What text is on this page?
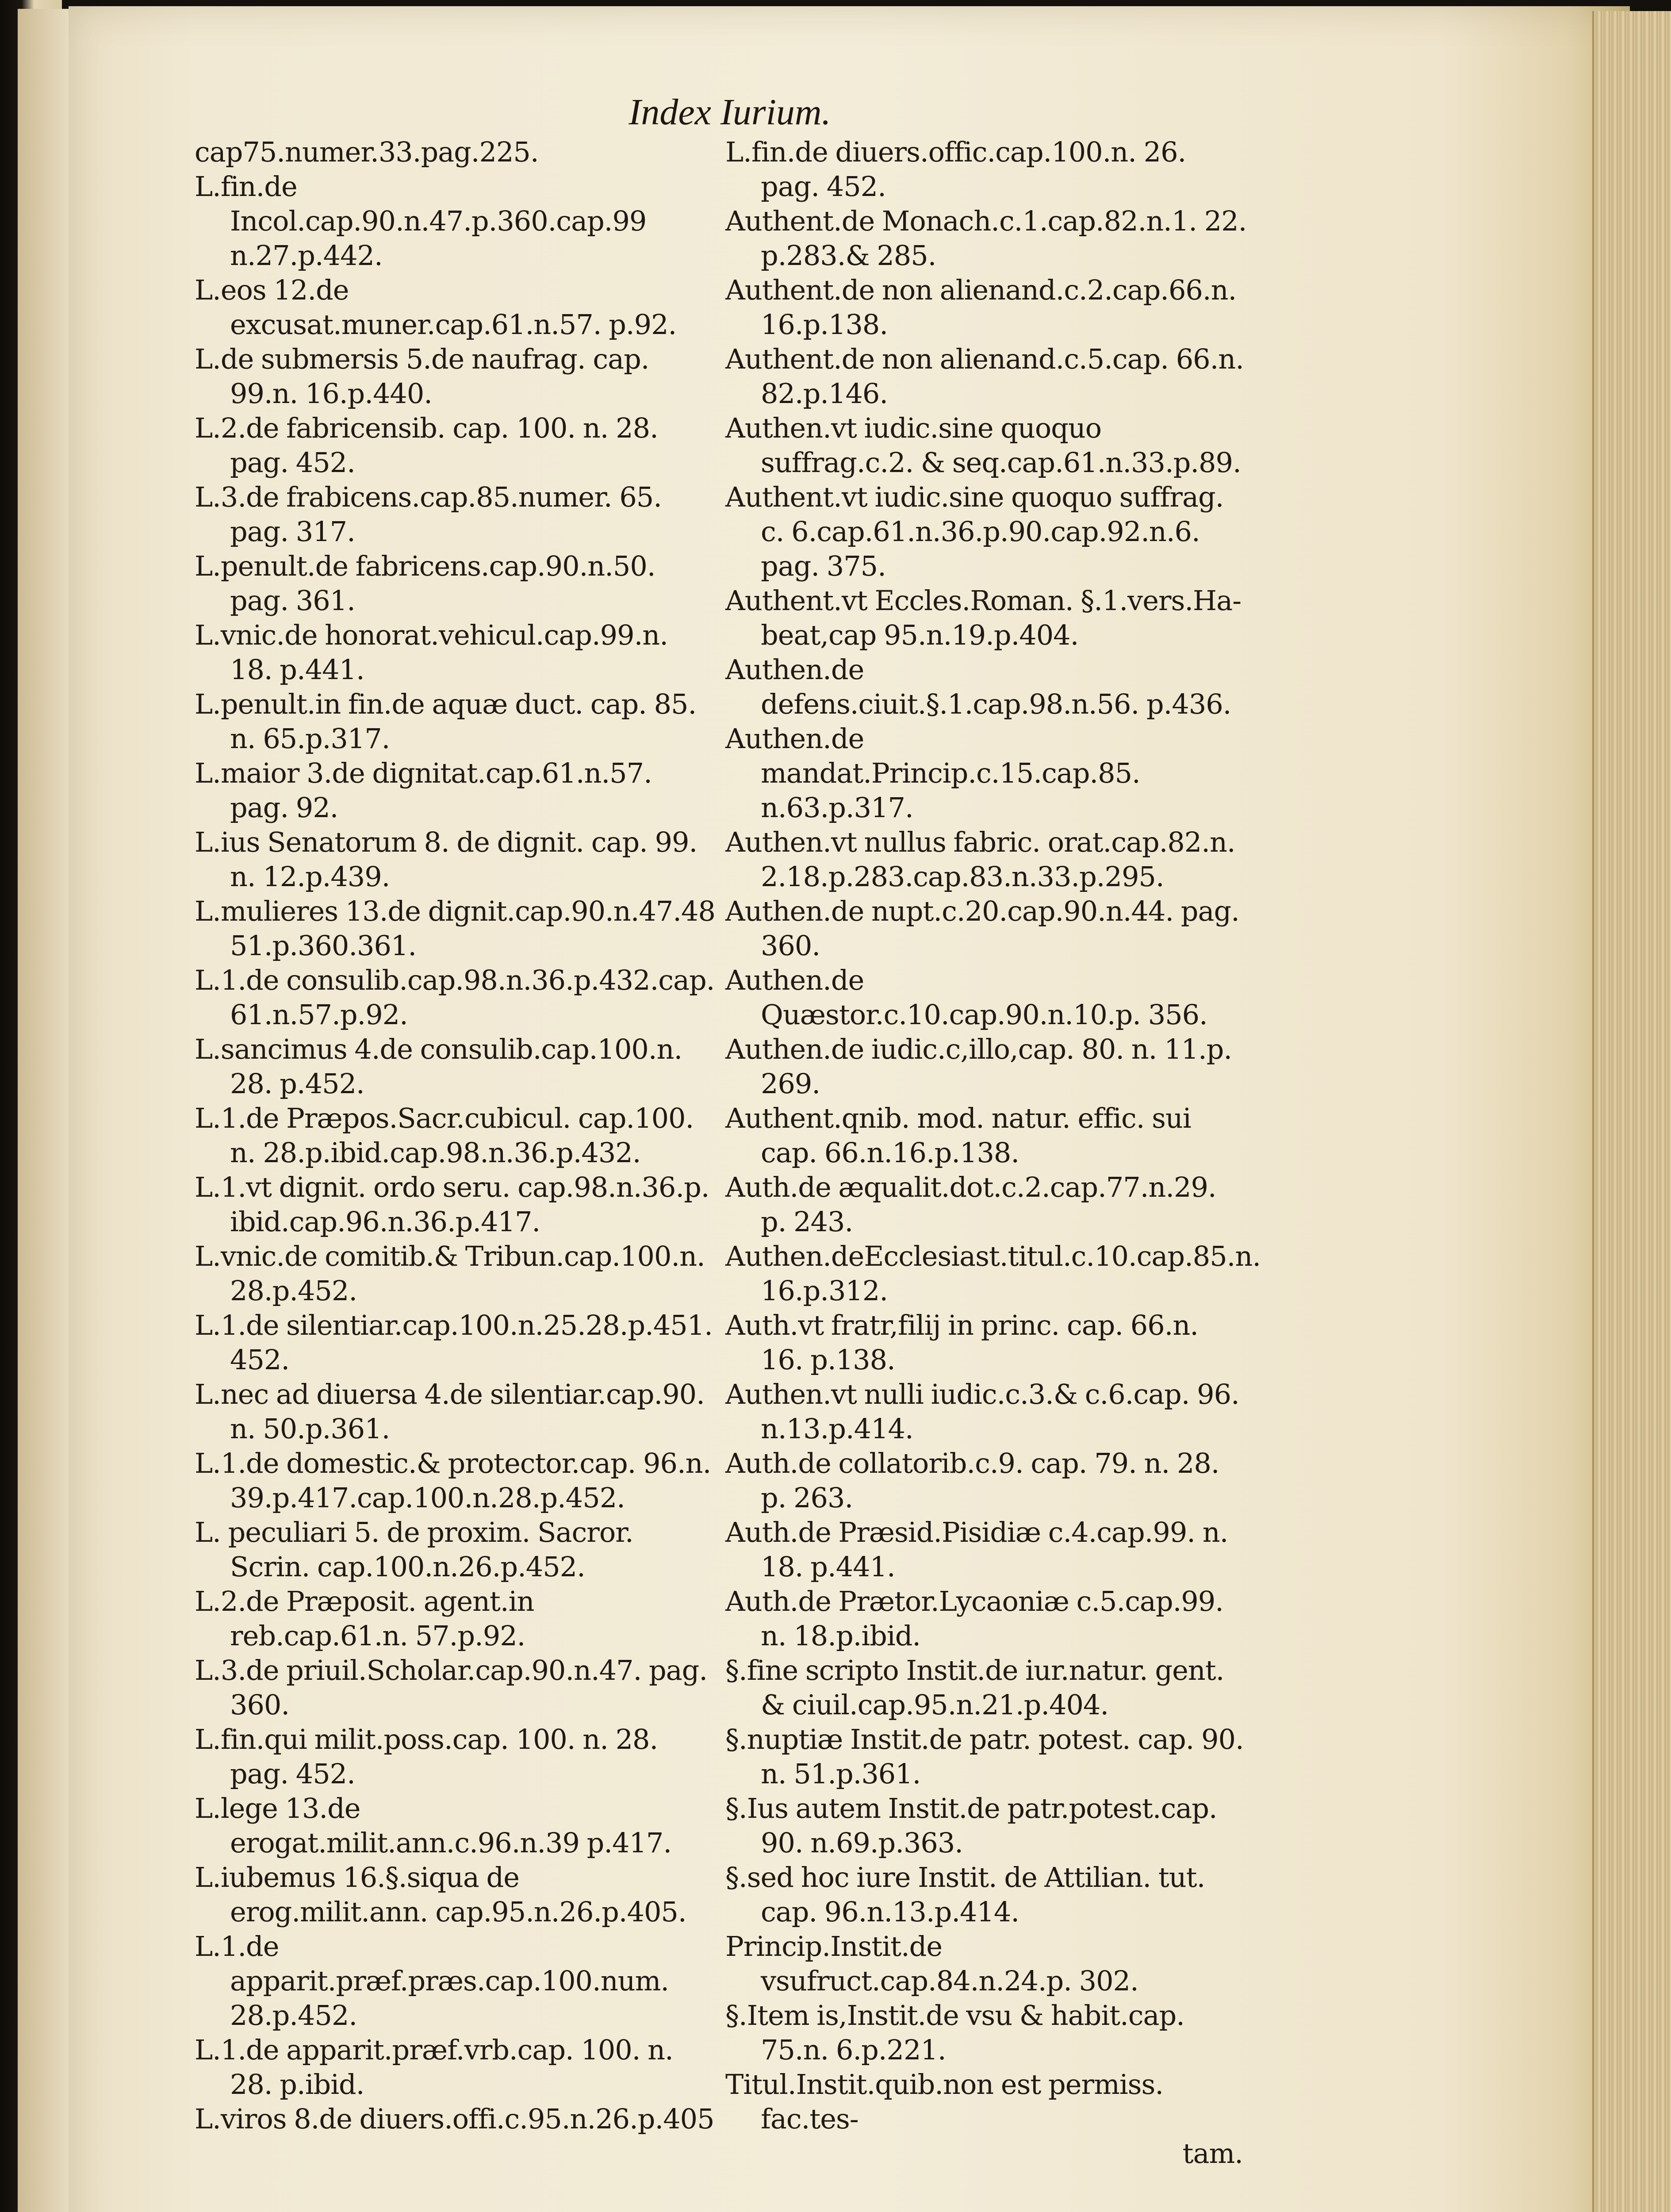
Index Iurium.
cap75.numer.33.pag.225.
L.fin.de Incol.cap.90.n.47.p.360.cap.99 n.27.p.442.
L.eos 12.de excusat.muner.cap.61.n.57. p.92.
L.de submersis 5.de naufrag. cap. 99.n. 16.p.440.
L.2.de fabricensib. cap. 100. n. 28. pag. 452.
L.3.de frabicens.cap.85.numer. 65. pag. 317.
L.penult.de fabricens.cap.90.n.50. pag. 361.
L.vnic.de honorat.vehicul.cap.99.n. 18. p.441.
L.penult.in fin.de aquæ duct. cap. 85. n. 65.p.317.
L.maior 3.de dignitat.cap.61.n.57. pag. 92.
L.ius Senatorum 8. de dignit. cap. 99. n. 12.p.439.
L.mulieres 13.de dignit.cap.90.n.47.48 51.p.360.361.
L.1.de consulib.cap.98.n.36.p.432.cap. 61.n.57.p.92.
L.sancimus 4.de consulib.cap.100.n. 28. p.452.
L.1.de Præpos.Sacr.cubicul. cap.100. n. 28.p.ibid.cap.98.n.36.p.432.
L.1.vt dignit. ordo seru. cap.98.n.36.p. ibid.cap.96.n.36.p.417.
L.vnic.de comitib.& Tribun.cap.100.n. 28.p.452.
L.1.de silentiar.cap.100.n.25.28.p.451. 452.
L.nec ad diuersa 4.de silentiar.cap.90. n. 50.p.361.
L.1.de domestic.& protector.cap. 96.n. 39.p.417.cap.100.n.28.p.452.
L. peculiari 5. de proxim. Sacror. Scrin. cap.100.n.26.p.452.
L.2.de Præposit. agent.in reb.cap.61.n. 57.p.92.
L.3.de priuil.Scholar.cap.90.n.47. pag. 360.
L.fin.qui milit.poss.cap. 100. n. 28. pag. 452.
L.lege 13.de erogat.milit.ann.c.96.n.39 p.417.
L.iubemus 16.§.siqua de erog.milit.ann. cap.95.n.26.p.405.
L.1.de apparit.præf.præs.cap.100.num. 28.p.452.
L.1.de apparit.præf.vrb.cap. 100. n. 28. p.ibid.
L.viros 8.de diuers.offi.c.95.n.26.p.405
L.fin.de diuers.offic.cap.100.n. 26. pag. 452.
Authent.de Monach.c.1.cap.82.n.1. 22. p.283.& 285.
Authent.de non alienand.c.2.cap.66.n. 16.p.138.
Authent.de non alienand.c.5.cap. 66.n. 82.p.146.
Authen.vt iudic.sine quoquo suffrag.c.2. & seq.cap.61.n.33.p.89.
Authent.vt iudic.sine quoquo suffrag. c. 6.cap.61.n.36.p.90.cap.92.n.6. pag. 375.
Authent.vt Eccles.Roman. §.1.vers.Ha- beat,cap 95.n.19.p.404.
Authen.de defens.ciuit.§.1.cap.98.n.56. p.436.
Authen.de mandat.Princip.c.15.cap.85. n.63.p.317.
Authen.vt nullus fabric. orat.cap.82.n. 2.18.p.283.cap.83.n.33.p.295.
Authen.de nupt.c.20.cap.90.n.44. pag. 360.
Authen.de Quæstor.c.10.cap.90.n.10.p. 356.
Authen.de iudic.c,illo,cap. 80. n. 11.p. 269.
Authent.qnib. mod. natur. effic. sui cap. 66.n.16.p.138.
Auth.de æqualit.dot.c.2.cap.77.n.29. p. 243.
Authen.deEcclesiast.titul.c.10.cap.85.n. 16.p.312.
Auth.vt fratr,filij in princ. cap. 66.n. 16. p.138.
Authen.vt nulli iudic.c.3.& c.6.cap. 96. n.13.p.414.
Auth.de collatorib.c.9. cap. 79. n. 28. p. 263.
Auth.de Præsid.Pisidiæ c.4.cap.99. n. 18. p.441.
Auth.de Prætor.Lycaoniæ c.5.cap.99. n. 18.p.ibid.
§.fine scripto Instit.de iur.natur. gent. & ciuil.cap.95.n.21.p.404.
§.nuptiæ Instit.de patr. potest. cap. 90. n. 51.p.361.
§.Ius autem Instit.de patr.potest.cap. 90. n.69.p.363.
§.sed hoc iure Instit. de Attilian. tut. cap. 96.n.13.p.414.
Princip.Instit.de vsufruct.cap.84.n.24.p. 302.
§.Item is,Instit.de vsu & habit.cap. 75.n. 6.p.221.
Titul.Instit.quib.non est permiss. fac.tes-
tam.
